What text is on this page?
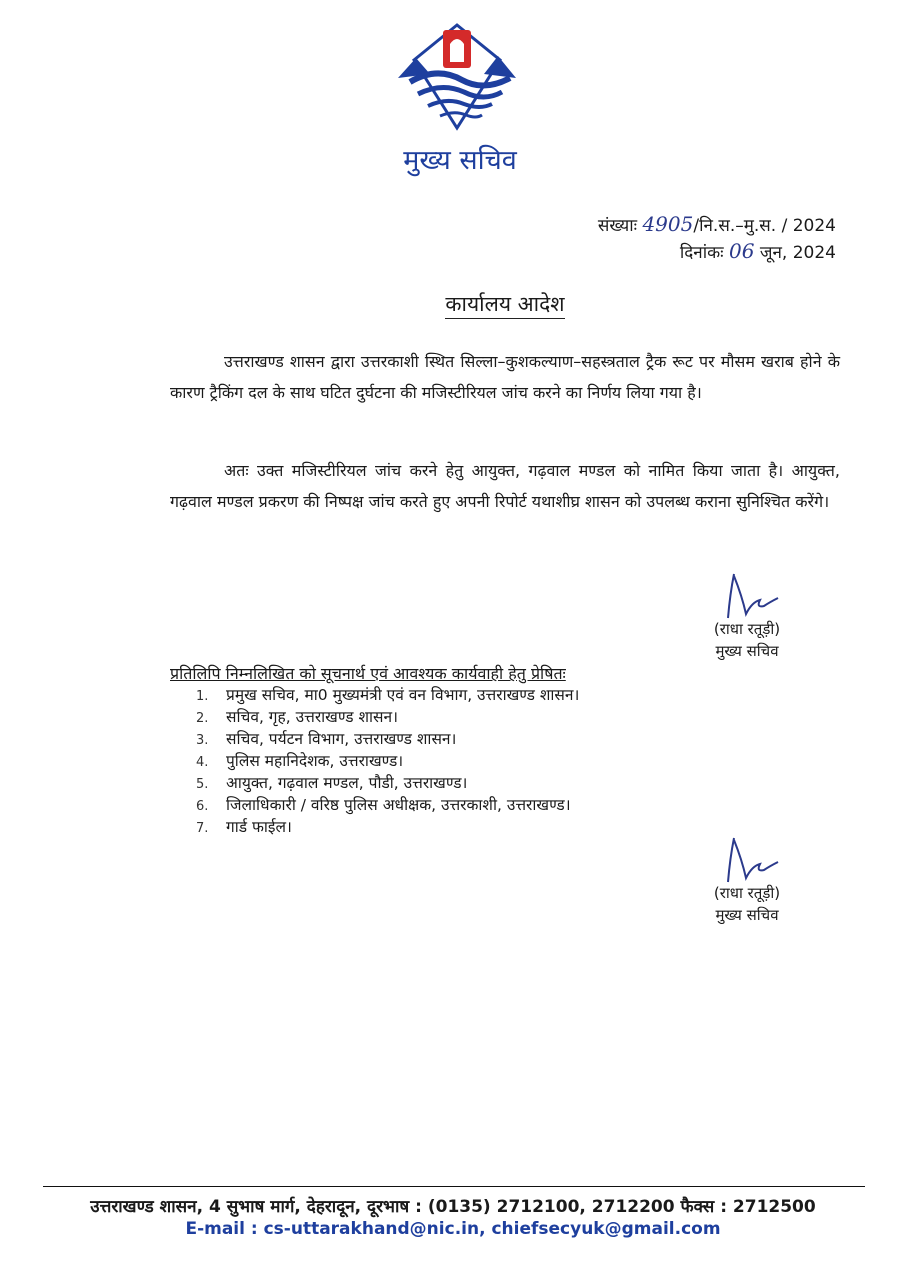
मुख्य सचिव
संख्याः 4905/नि.स.–मु.स. / 2024
दिनांकः 06 जून, 2024
कार्यालय आदेश
उत्तराखण्ड शासन द्वारा उत्तरकाशी स्थित सिल्ला–कुशकल्याण–सहस्त्रताल ट्रैक रूट पर मौसम खराब होने के कारण ट्रैकिंग दल के साथ घटित दुर्घटना की मजिस्टीरियल जांच करने का निर्णय लिया गया है।
अतः उक्त मजिस्टीरियल जांच करने हेतु आयुक्त, गढ़वाल मण्डल को नामित किया जाता है। आयुक्त, गढ़वाल मण्डल प्रकरण की निष्पक्ष जांच करते हुए अपनी रिपोर्ट यथाशीघ्र शासन को उपलब्ध कराना सुनिश्चित करेंगे।
(राधा रतूड़ी)
मुख्य सचिव
प्रतिलिपि निम्नलिखित को सूचनार्थ एवं आवश्यक कार्यवाही हेतु प्रेषितः
1. प्रमुख सचिव, मा0 मुख्यमंत्री एवं वन विभाग, उत्तराखण्ड शासन।
2. सचिव, गृह, उत्तराखण्ड शासन।
3. सचिव, पर्यटन विभाग, उत्तराखण्ड शासन।
4. पुलिस महानिदेशक, उत्तराखण्ड।
5. आयुक्त, गढ़वाल मण्डल, पौडी, उत्तराखण्ड।
6. जिलाधिकारी / वरिष्ठ पुलिस अधीक्षक, उत्तरकाशी, उत्तराखण्ड।
7. गार्ड फाईल।
(राधा रतूड़ी)
मुख्य सचिव
उत्तराखण्ड शासन, 4 सुभाष मार्ग, देहरादून, दूरभाष : (0135) 2712100, 2712200 फैक्स : 2712500
E-mail : cs-uttarakhand@nic.in, chiefsecyuk@gmail.com
